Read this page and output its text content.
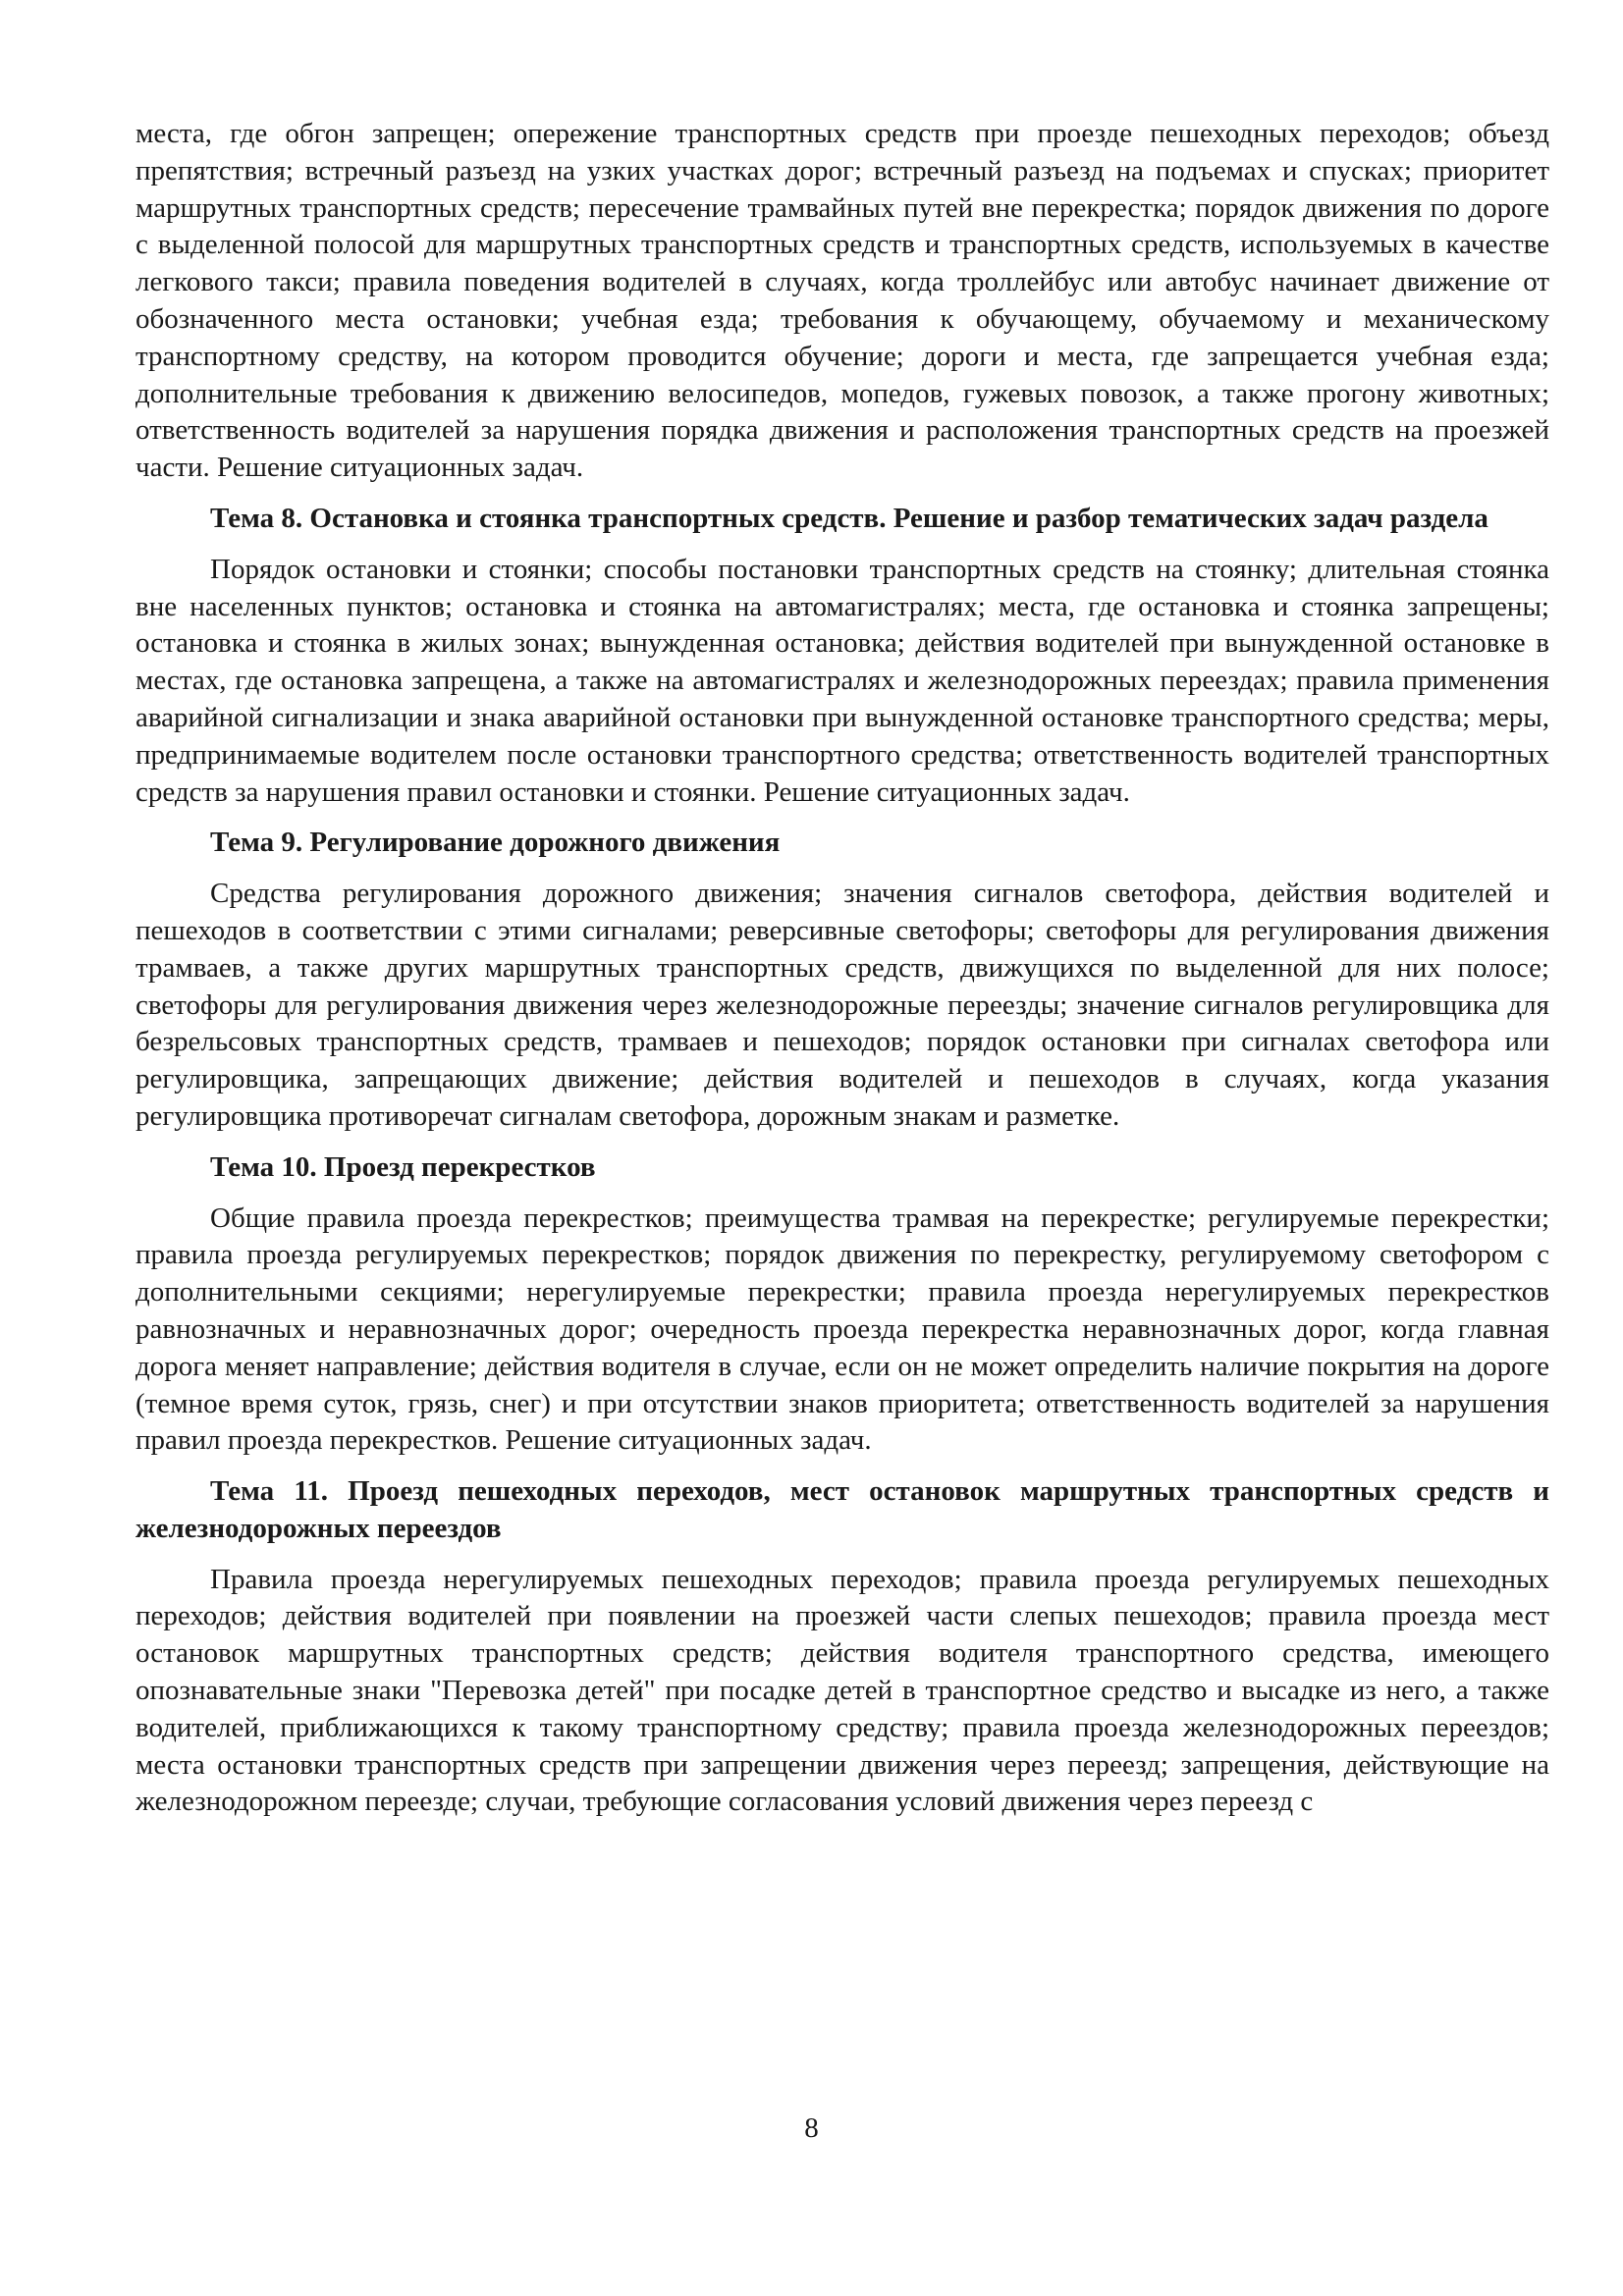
места, где обгон запрещен; опережение транспортных средств при проезде пешеходных переходов; объезд препятствия; встречный разъезд на узких участках дорог; встречный разъезд на подъемах и спусках; приоритет маршрутных транспортных средств; пересечение трамвайных путей вне перекрестка; порядок движения по дороге с выделенной полосой для маршрутных транспортных средств и транспортных средств, используемых в качестве легкового такси; правила поведения водителей в случаях, когда троллейбус или автобус начинает движение от обозначенного места остановки; учебная езда; требования к обучающему, обучаемому и механическому транспортному средству, на котором проводится обучение; дороги и места, где запрещается учебная езда; дополнительные требования к движению велосипедов, мопедов, гужевых повозок, а также прогону животных; ответственность водителей за нарушения порядка движения и расположения транспортных средств на проезжей части. Решение ситуационных задач.

Тема 8. Остановка и стоянка транспортных средств. Решение и разбор тематических задач раздела

Порядок остановки и стоянки; способы постановки транспортных средств на стоянку; длительная стоянка вне населенных пунктов; остановка и стоянка на автомагистралях; места, где остановка и стоянка запрещены; остановка и стоянка в жилых зонах; вынужденная остановка; действия водителей при вынужденной остановке в местах, где остановка запрещена, а также на автомагистралях и железнодорожных переездах; правила применения аварийной сигнализации и знака аварийной остановки при вынужденной остановке транспортного средства; меры, предпринимаемые водителем после остановки транспортного средства; ответственность водителей транспортных средств за нарушения правил остановки и стоянки. Решение ситуационных задач.

Тема 9. Регулирование дорожного движения

Средства регулирования дорожного движения; значения сигналов светофора, действия водителей и пешеходов в соответствии с этими сигналами; реверсивные светофоры; светофоры для регулирования движения трамваев, а также других маршрутных транспортных средств, движущихся по выделенной для них полосе; светофоры для регулирования движения через железнодорожные переезды; значение сигналов регулировщика для безрельсовых транспортных средств, трамваев и пешеходов; порядок остановки при сигналах светофора или регулировщика, запрещающих движение; действия водителей и пешеходов в случаях, когда указания регулировщика противоречат сигналам светофора, дорожным знакам и разметке.

Тема 10. Проезд перекрестков

Общие правила проезда перекрестков; преимущества трамвая на перекрестке; регулируемые перекрестки; правила проезда регулируемых перекрестков; порядок движения по перекрестку, регулируемому светофором с дополнительными секциями; нерегулируемые перекрестки; правила проезда нерегулируемых перекрестков равнозначных и неравнозначных дорог; очередность проезда перекрестка неравнозначных дорог, когда главная дорога меняет направление; действия водителя в случае, если он не может определить наличие покрытия на дороге (темное время суток, грязь, снег) и при отсутствии знаков приоритета; ответственность водителей за нарушения правил проезда перекрестков. Решение ситуационных задач.

Тема 11. Проезд пешеходных переходов, мест остановок маршрутных транспортных средств и железнодорожных переездов

Правила проезда нерегулируемых пешеходных переходов; правила проезда регулируемых пешеходных переходов; действия водителей при появлении на проезжей части слепых пешеходов; правила проезда мест остановок маршрутных транспортных средств; действия водителя транспортного средства, имеющего опознавательные знаки "Перевозка детей" при посадке детей в транспортное средство и высадке из него, а также водителей, приближающихся к такому транспортному средству; правила проезда железнодорожных переездов; места остановки транспортных средств при запрещении движения через переезд; запрещения, действующие на железнодорожном переезде; случаи, требующие согласования условий движения через переезд с

8
